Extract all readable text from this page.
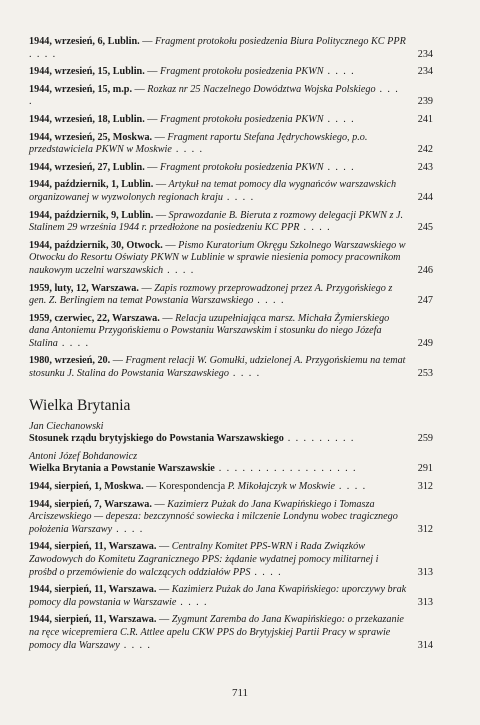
1944, wrzesień, 6, Lublin. — Fragment protokołu posiedzenia Biura Politycznego KC PPR . . . .	234
1944, wrzesień, 15, Lublin. — Fragment protokołu posiedzenia PKWN . . . .	234
1944, wrzesień, 15, m.p. — Rozkaz nr 25 Naczelnego Dowództwa Wojska Polskiego . . . .	239
1944, wrzesień, 18, Lublin. — Fragment protokołu posiedzenia PKWN . . . .	241
1944, wrzesień, 25, Moskwa. — Fragment raportu Stefana Jędrychowskiego, p.o. przedstawiciela PKWN w Moskwie . . . .	242
1944, wrzesień, 27, Lublin. — Fragment protokołu posiedzenia PKWN . . . .	243
1944, październik, 1, Lublin. — Artykuł na temat pomocy dla wygnańców warszawskich organizowanej w wyzwolonych regionach kraju . . . .	244
1944, październik, 9, Lublin. — Sprawozdanie B. Bieruta z rozmowy delegacji PKWN z J. Stalinem 29 września 1944 r. przedłożone na posiedzeniu KC PPR . . . .	245
1944, październik, 30, Otwock. — Pismo Kuratorium Okręgu Szkolnego Warszawskiego w Otwocku do Resortu Oświaty PKWN w Lublinie w sprawie niesienia pomocy pracownikom naukowym uczelni warszawskich . . . .	246
1959, luty, 12, Warszawa. — Zapis rozmowy przeprowadzonej przez A. Przygońskiego z gen. Z. Berlingiem na temat Powstania Warszawskiego . . . .	247
1959, czerwiec, 22, Warszawa. — Relacja uzupełniająca marsz. Michała Żymierskiego dana Antoniemu Przygońskiemu o Powstaniu Warszawskim i stosunku do niego Józefa Stalina . . . .	249
1980, wrzesień, 20. — Fragment relacji W. Gomułki, udzielonej A. Przygońskiemu na temat stosunku J. Stalina do Powstania Warszawskiego . . . .	253
Wielka Brytania
Jan Ciechanowski
Stosunek rządu brytyjskiego do Powstania Warszawskiego . . . . . . . . .	259
Antoni Józef Bohdanowicz
Wielka Brytania a Powstanie Warszawskie . . . . . . . . . . . . . . . . . .	291
1944, sierpień, 1, Moskwa. — Korespondencja P. Mikołajczyk w Moskwie . . . .	312
1944, sierpień, 7, Warszawa. — Kazimierz Pużak do Jana Kwapińskiego i Tomasza Arciszewskiego — depesza: bezczynność sowiecka i milczenie Londynu wobec tragicznego położenia Warszawy . . . .	312
1944, sierpień, 11, Warszawa. — Centralny Komitet PPS-WRN i Rada Związków Zawodowych do Komitetu Zagranicznego PPS: żądanie wydatnej pomocy militarnej i prośbd o przemówienie do walczących oddziałów PPS . . . .	313
1944, sierpień, 11, Warszawa. — Kazimierz Pużak do Jana Kwapińskiego: uporczywy brak pomocy dla powstania w Warszawie . . . .	313
1944, sierpień, 11, Warszawa. — Zygmunt Zaremba do Jana Kwapińskiego: o przekazanie na ręce wicepremiera C.R. Attlee apelu CKW PPS do Brytyjskiej Partii Pracy w sprawie pomocy dla Warszawy . . . .	314
711
